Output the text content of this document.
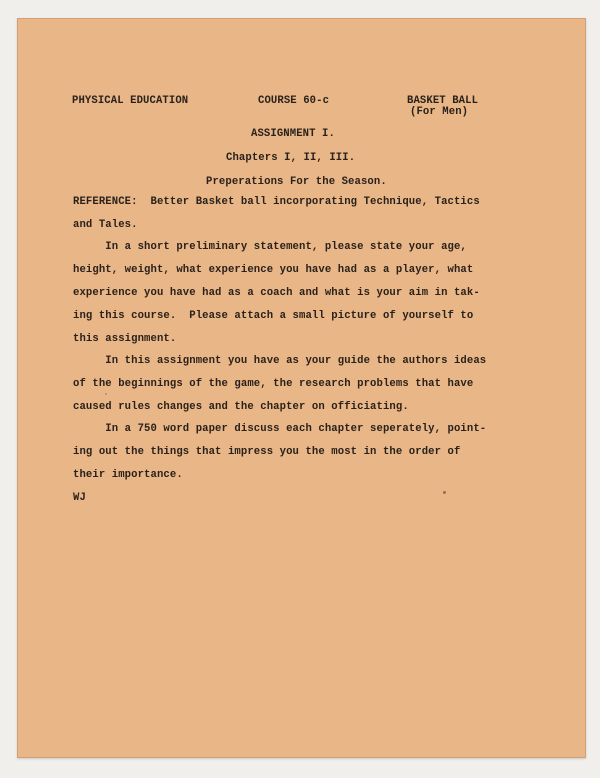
PHYSICAL EDUCATION	COURSE 60-c	BASKET BALL
(For Men)
ASSIGNMENT I.
Chapters I, II, III.
Preperations For the Season.
REFERENCE:  Better Basket ball incorporating Technique, Tactics
and Tales.
In a short preliminary statement, please state your age,
height, weight, what experience you have had as a player, what
experience you have had as a coach and what is your aim in tak-
ing this course.  Please attach a small picture of yourself to
this assignment.
In this assignment you have as your guide the authors ideas
of the beginnings of the game, the research problems that have
caused rules changes and the chapter on officiating.
In a 750 word paper discuss each chapter seperately, point-
ing out the things that impress you the most in the order of
their importance.
WJ
